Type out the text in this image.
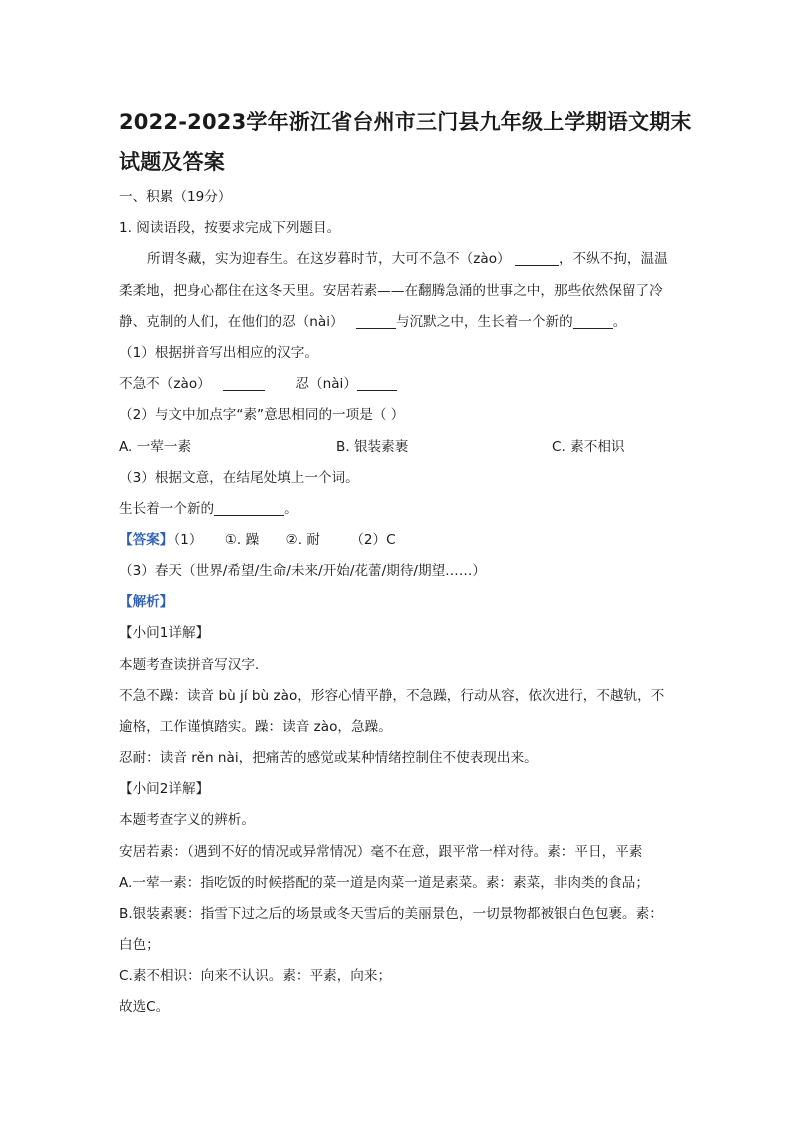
2022-2023学年浙江省台州市三门县九年级上学期语文期末
试题及答案
一、积累（19分）
1. 阅读语段，按要求完成下列题目。
所谓冬藏，实为迎春生。在这岁暮时节，大可不急不（zào）	，不纵不拘，温温
柔柔地，把身心都住在这冬天里。安居若素——在翻腾急涌的世事之中，那些依然保留了冷
静、克制的人们，在他们的忍（nài）	与沉默之中，生长着一个新的	。
（1）根据拼音写出相应的汉字。
不急不（zào）	忍（nài）
（2）与文中加点字“素”意思相同的一项是（ ）
A. 一荤一素	B. 银装素裹	C. 素不相识
（3）根据文意，在结尾处填上一个词。
生长着一个新的	。
【答案】（1） ①. 躁 ②. 耐 （2）C
（3）春天（世界/希望/生命/未来/开始/花蕾/期待/期望……）
【解析】
【小问1详解】
本题考查读拼音写汉字.
不急不躁：读音 bù jí bù zào，形容心情平静，不急躁，行动从容，依次进行，不越轨，不
逾格，工作谨慎踏实。躁：读音 zào，急躁。
忍耐：读音 rěn nài，把痛苦的感觉或某种情绪控制住不使表现出来。
【小问2详解】
本题考查字义的辨析。
安居若素：（遇到不好的情况或异常情况）毫不在意，跟平常一样对待。素：平日，平素
A.一荤一素：指吃饭的时候搭配的菜一道是肉菜一道是素菜。素：素菜，非肉类的食品；
B.银装素裹：指雪下过之后的场景或冬天雪后的美丽景色，一切景物都被银白色包裹。素：
白色；
C.素不相识：向来不认识。素：平素，向来；
故选C。
